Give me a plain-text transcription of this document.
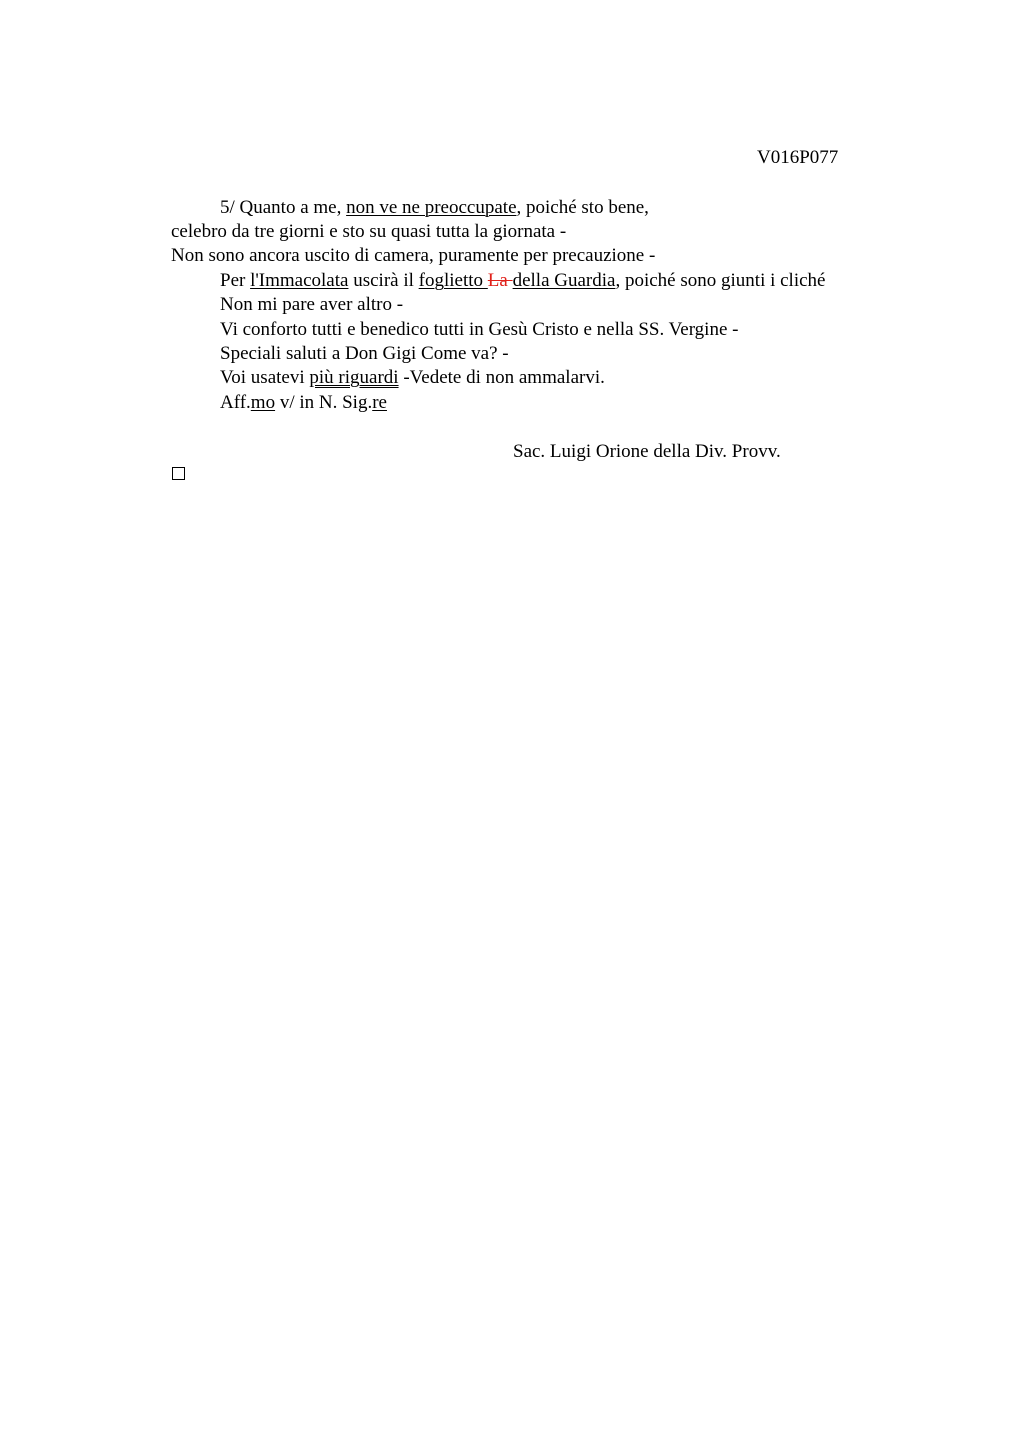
V016P077
5/ Quanto a me, non ve ne preoccupate, poiché sto bene,
celebro da tre giorni e sto su quasi tutta la giornata -
Non sono ancora uscito di camera, puramente per precauzione -
Per l'Immacolata uscirà il foglietto La della Guardia, poiché sono giunti i cliché
Non mi pare aver altro -
Vi conforto tutti e benedico tutti in Gesù Cristo e nella SS. Vergine -
Speciali saluti a Don Gigi Come va? -
Voi usatevi più riguardi -Vedete di non ammalarvi.
Aff.mo v/ in N. Sig.re
Sac. Luigi Orione della Div. Provv.
